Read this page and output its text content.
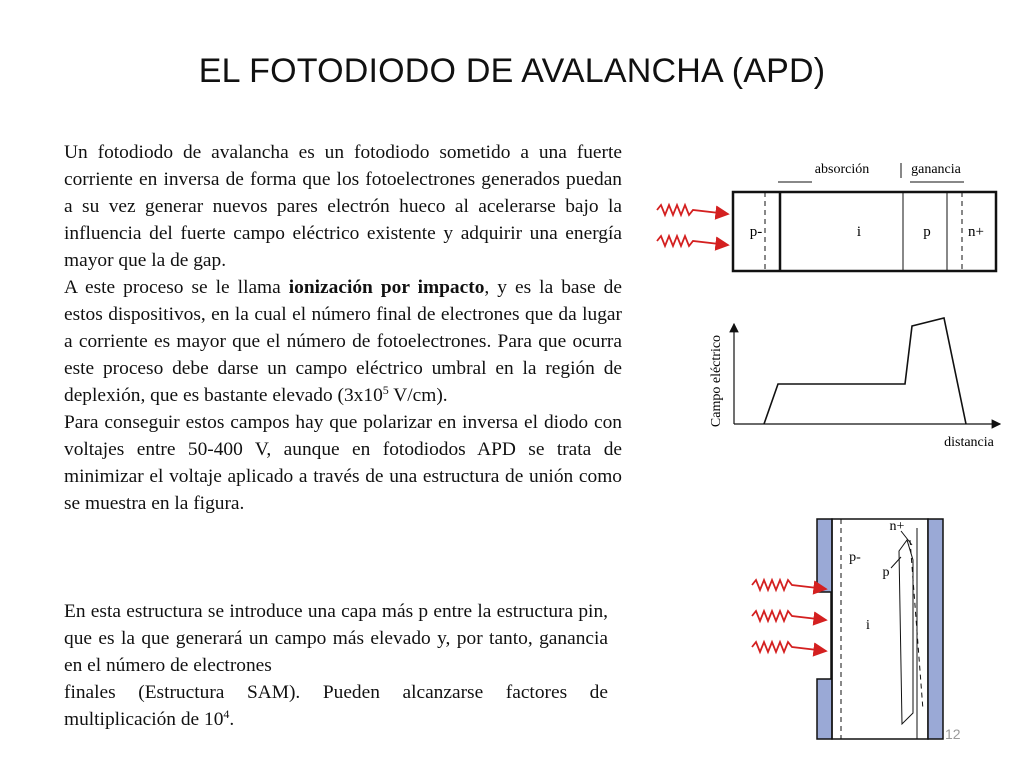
EL FOTODIODO DE AVALANCHA (APD)
Un fotodiodo de avalancha es un fotodiodo sometido a una fuerte corriente en inversa de forma que los fotoelectrones generados puedan a su vez generar nuevos pares electrón hueco al acelerarse bajo la influencia del fuerte campo eléctrico existente y adquirir una energía mayor que la de gap.
A este proceso se le llama ionización por impacto, y es la base de estos dispositivos, en la cual el número final de electrones que da lugar a corriente es mayor que el número de fotoelectrones. Para que ocurra este proceso debe darse un campo eléctrico umbral en la región de deplexión, que es bastante elevado ($3x10^5$ V/cm).
Para conseguir estos campos hay que polarizar en inversa el diodo con voltajes entre 50-400 V, aunque en fotodiodos APD se trata de minimizar el voltaje aplicado a través de una estructura de unión como se muestra en la figura.
En esta estructura se introduce una capa más p entre la estructura pin, que es la que generará un campo más elevado y, por tanto, ganancia en el número de electrones
finales (Estructura SAM). Pueden alcanzarse factores de multiplicación de $10^4$.
absorción	ganancia
p-	i	p n+
Campo eléctrico
distancia
n+
p-
p
i
12
